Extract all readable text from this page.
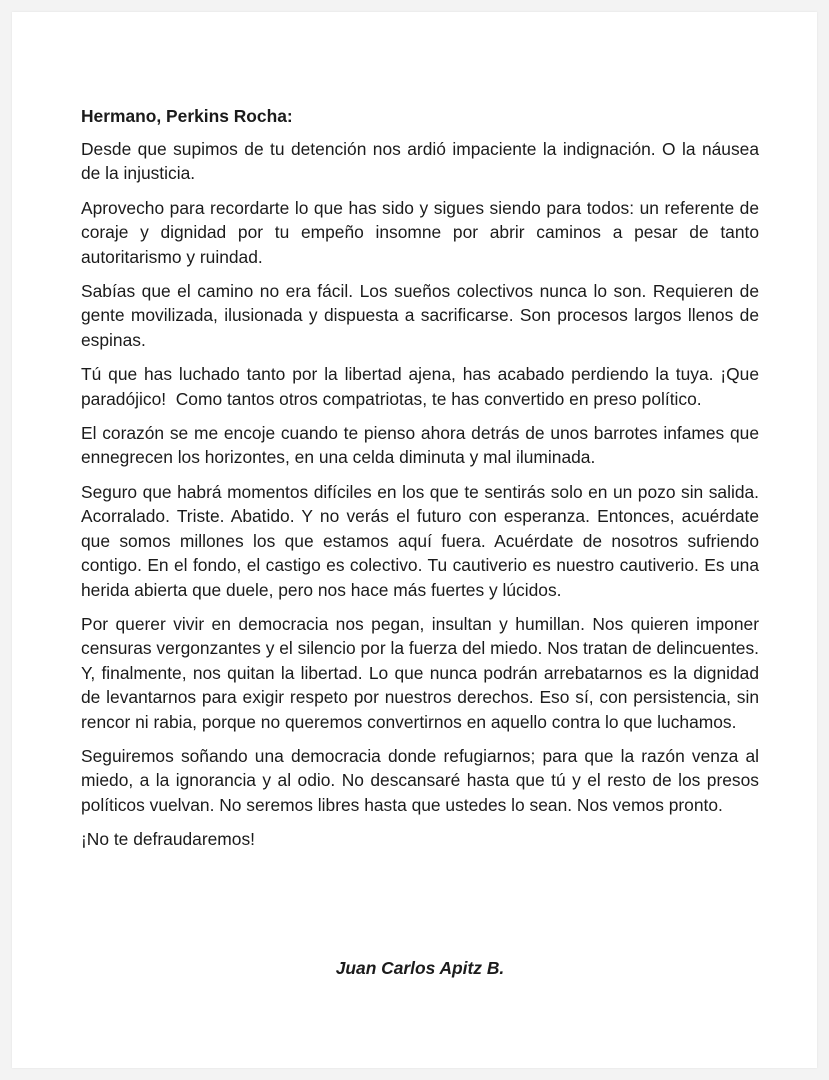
Hermano, Perkins Rocha:

Desde que supimos de tu detención nos ardió impaciente la indignación. O la náusea de la injusticia.

Aprovecho para recordarte lo que has sido y sigues siendo para todos: un referente de coraje y dignidad por tu empeño insomne por abrir caminos a pesar de tanto autoritarismo y ruindad.

Sabías que el camino no era fácil. Los sueños colectivos nunca lo son. Requieren de gente movilizada, ilusionada y dispuesta a sacrificarse. Son procesos largos llenos de espinas.

Tú que has luchado tanto por la libertad ajena, has acabado perdiendo la tuya. ¡Que paradójico!  Como tantos otros compatriotas, te has convertido en preso político.

El corazón se me encoje cuando te pienso ahora detrás de unos barrotes infames que ennegrecen los horizontes, en una celda diminuta y mal iluminada.

Seguro que habrá momentos difíciles en los que te sentirás solo en un pozo sin salida. Acorralado. Triste. Abatido. Y no verás el futuro con esperanza. Entonces, acuérdate que somos millones los que estamos aquí fuera. Acuérdate de nosotros sufriendo contigo. En el fondo, el castigo es colectivo. Tu cautiverio es nuestro cautiverio. Es una herida abierta que duele, pero nos hace más fuertes y lúcidos.

Por querer vivir en democracia nos pegan, insultan y humillan. Nos quieren imponer censuras vergonzantes y el silencio por la fuerza del miedo. Nos tratan de delincuentes. Y, finalmente, nos quitan la libertad. Lo que nunca podrán arrebatarnos es la dignidad de levantarnos para exigir respeto por nuestros derechos. Eso sí, con persistencia, sin rencor ni rabia, porque no queremos convertirnos en aquello contra lo que luchamos.

Seguiremos soñando una democracia donde refugiarnos; para que la razón venza al miedo, a la ignorancia y al odio. No descansaré hasta que tú y el resto de los presos políticos vuelvan. No seremos libres hasta que ustedes lo sean. Nos vemos pronto.

¡No te defraudaremos!

Juan Carlos Apitz B.
